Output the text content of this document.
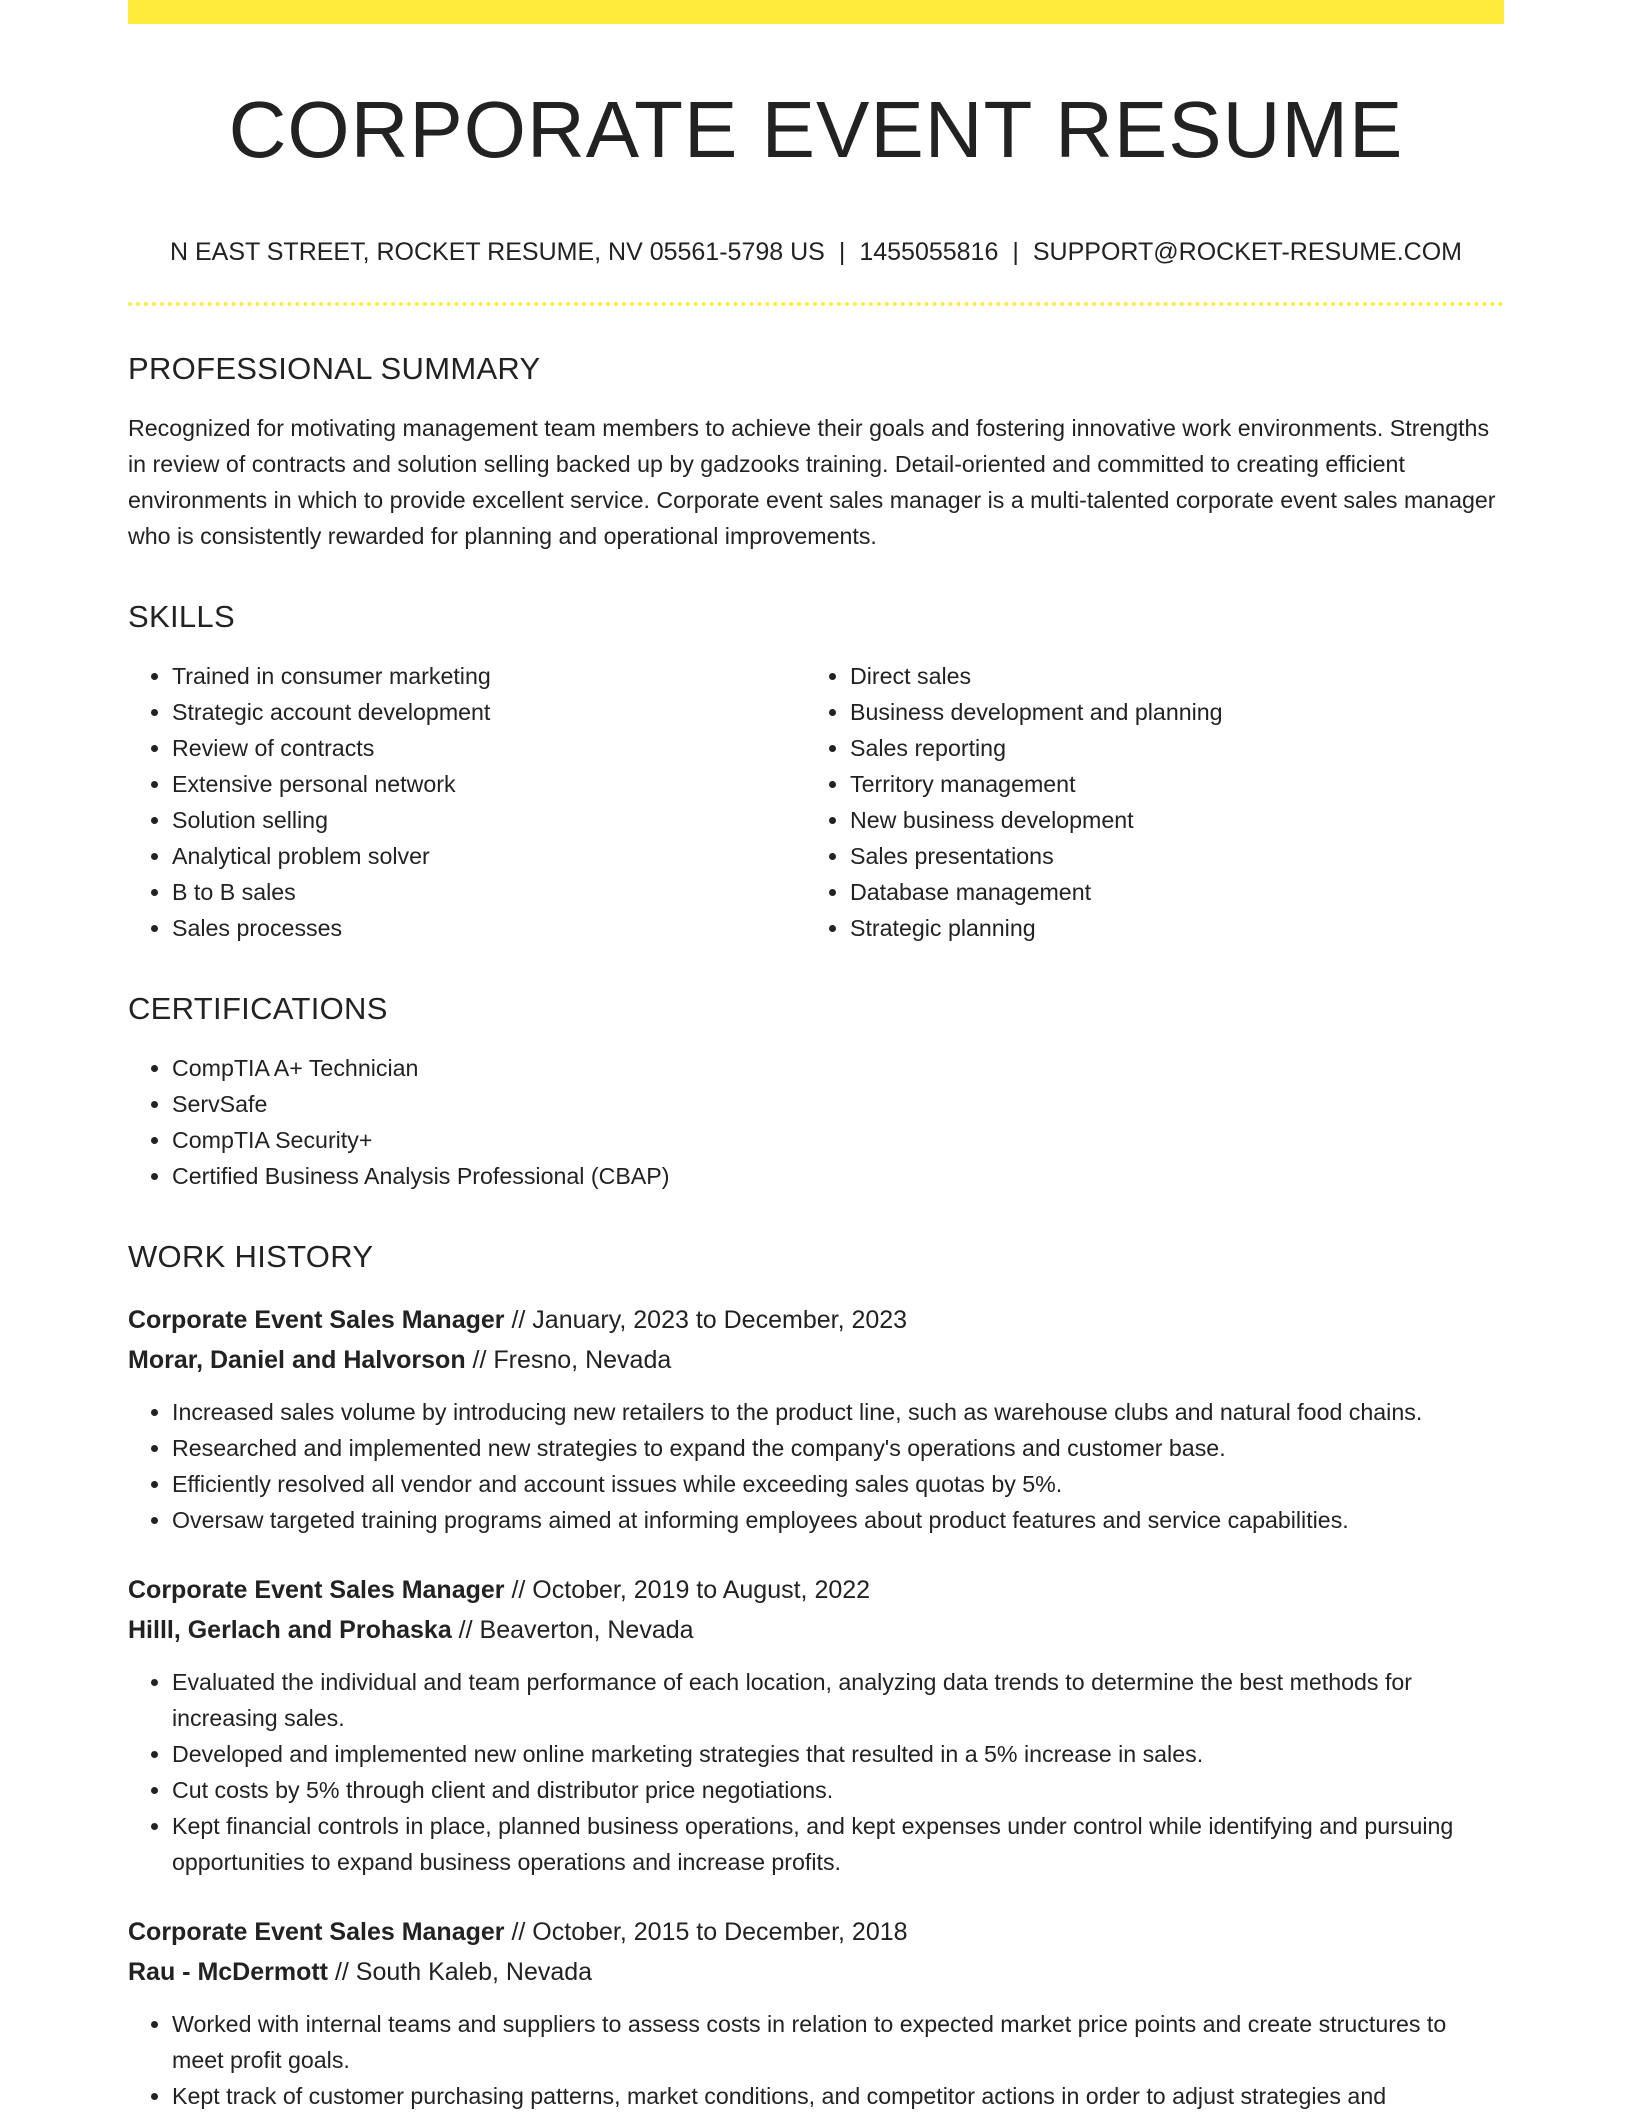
CORPORATE EVENT RESUME
N EAST STREET, ROCKET RESUME, NV 05561-5798 US | 1455055816 | SUPPORT@ROCKET-RESUME.COM
PROFESSIONAL SUMMARY
Recognized for motivating management team members to achieve their goals and fostering innovative work environments. Strengths in review of contracts and solution selling backed up by gadzooks training. Detail-oriented and committed to creating efficient environments in which to provide excellent service. Corporate event sales manager is a multi-talented corporate event sales manager who is consistently rewarded for planning and operational improvements.
SKILLS
• Trained in consumer marketing
• Strategic account development
• Review of contracts
• Extensive personal network
• Solution selling
• Analytical problem solver
• B to B sales
• Sales processes
• Direct sales
• Business development and planning
• Sales reporting
• Territory management
• New business development
• Sales presentations
• Database management
• Strategic planning
CERTIFICATIONS
• CompTIA A+ Technician
• ServSafe
• CompTIA Security+
• Certified Business Analysis Professional (CBAP)
WORK HISTORY
Corporate Event Sales Manager // January, 2023 to December, 2023
Morar, Daniel and Halvorson // Fresno, Nevada
• Increased sales volume by introducing new retailers to the product line, such as warehouse clubs and natural food chains.
• Researched and implemented new strategies to expand the company's operations and customer base.
• Efficiently resolved all vendor and account issues while exceeding sales quotas by 5%.
• Oversaw targeted training programs aimed at informing employees about product features and service capabilities.
Corporate Event Sales Manager // October, 2019 to August, 2022
Hilll, Gerlach and Prohaska // Beaverton, Nevada
• Evaluated the individual and team performance of each location, analyzing data trends to determine the best methods for increasing sales.
• Developed and implemented new online marketing strategies that resulted in a 5% increase in sales.
• Cut costs by 5% through client and distributor price negotiations.
• Kept financial controls in place, planned business operations, and kept expenses under control while identifying and pursuing opportunities to expand business operations and increase profits.
Corporate Event Sales Manager // October, 2015 to December, 2018
Rau - McDermott // South Kaleb, Nevada
• Worked with internal teams and suppliers to assess costs in relation to expected market price points and create structures to meet profit goals.
• Kept track of customer purchasing patterns, market conditions, and competitor actions in order to adjust strategies and
